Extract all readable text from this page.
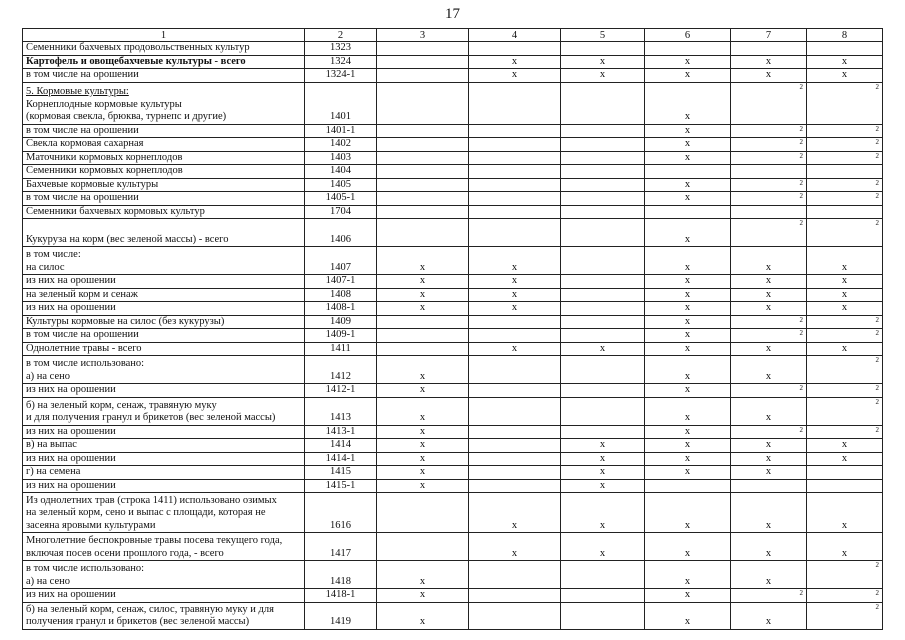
17
1	2	3	4	5	6	7	8

Семенники бахчевых продовольственных культур	1323						

Картофель и овощебахчевые культуры - всего	1324		x	x	x	x	x

в том числе на орошении	1324-1		x	x	x	x	x

5. Кормовые культуры:
Корнеплодные кормовые культуры
(кормовая свекла, брюква, турнепс и другие)	1401				x	2	2

в том числе на орошении	1401-1				x	2	2

Свекла кормовая сахарная	1402				x	2	2

Маточники кормовых корнеплодов	1403				x	2	2

Семенники кормовых корнеплодов	1404						

Бахчевые кормовые культуры	1405				x	2	2

в том числе на орошении	1405-1				x	2	2

Семенники бахчевых кормовых культур	1704						

Кукуруза на корм (вес зеленой массы) - всего	1406				x	2	2

в том числе:
на силос	1407	x	x		x	x	x

из них на орошении	1407-1	x	x		x	x	x

на зеленый корм и сенаж	1408	x	x		x	x	x

из них на орошении	1408-1	x	x		x	x	x

Культуры кормовые на силос (без кукурузы)	1409				x	2	2

в том числе на орошении	1409-1				x	2	2

Однолетние травы - всего	1411		x	x	x	x	x

в том числе использовано:
а) на сено	1412	x			x	x	2

из них на орошении	1412-1	x			x	2	2

б) на зеленый корм, сенаж, травяную муку
и для получения гранул и брикетов (вес зеленой массы)	1413	x			x	x	2

из них на орошении	1413-1	x			x	2	2

в) на выпас	1414	x		x	x	x	x

из них на орошении	1414-1	x		x	x	x	x

г) на семена	1415	x		x	x	x	

из них на орошении	1415-1	x		x			

Из однолетних трав (строка 1411) использовано озимых
на зеленый корм, сено и выпас с площади, которая не
засеяна яровыми культурами	1616		x	x	x	x	x

Многолетние беспокровные травы посева текущего года,
включая посев осени прошлого года, - всего	1417		x	x	x	x	x

в том числе использовано:
а) на сено	1418	x			x	x	2

из них на орошении	1418-1	x			x	2	2

б) на зеленый корм, сенаж, силос, травяную муку и для
получения гранул и брикетов (вес зеленой массы)	1419	x			x	x	2
